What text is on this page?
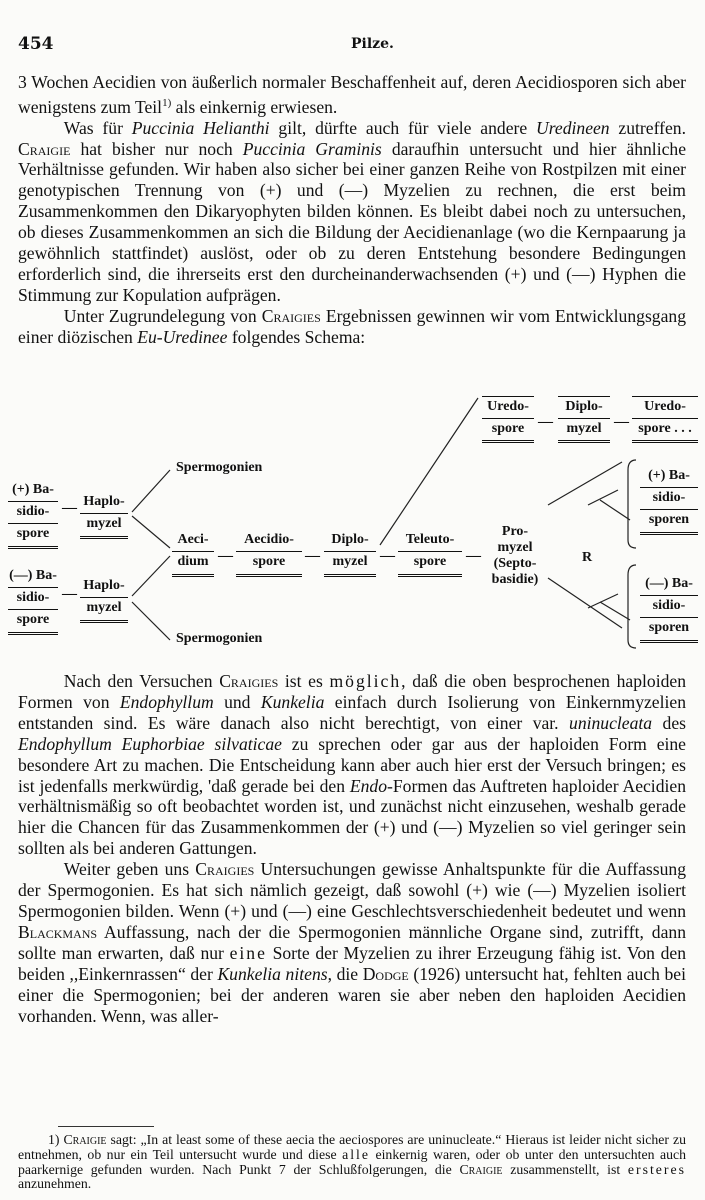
454	Pilze.

3 Wochen Aecidien von äußerlich normaler Beschaffenheit auf, deren Aecidiosporen sich aber wenigstens zum Teil$^{1)}$ als einkernig erwiesen.

Was für Puccinia Helianthi gilt, dürfte auch für viele andere Uredineen zutreffen. Craigie hat bisher nur noch Puccinia Graminis daraufhin untersucht und hier ähnliche Verhältnisse gefunden. Wir haben also sicher bei einer ganzen Reihe von Rostpilzen mit einer genotypischen Trennung von (+) und (—) Myzelien zu rechnen, die erst beim Zusammenkommen den Dikaryophyten bilden können. Es bleibt dabei noch zu untersuchen, ob dieses Zusammenkommen an sich die Bildung der Aecidienanlage (wo die Kernpaarung ja gewöhnlich stattfindet) auslöst, oder ob zu deren Entstehung besondere Bedingungen erforderlich sind, die ihrerseits erst den durcheinanderwachsenden (+) und (—) Hyphen die Stimmung zur Kopulation aufprägen.

Unter Zugrundelegung von Craigies Ergebnissen gewinnen wir vom Entwicklungsgang einer diözischen Eu-Uredinee folgendes Schema:

(+) Ba-
sidio-
spore
— Haplo-
myzel
(—) Ba-
sidio-
spore
—
Haplo-
myzel
Spermogonien
Spermogonien
Aeci-
dium —
Aecidio-
spore	—
Diplo-
myzel —
Teleuto-
spore	—
Pro-
myzel
(Septo-
basidie)
R
Uredo-
spore —
Diplo-
myzel —
Uredo-
spore . . .
(+) Ba-
sidio-
sporen
(—) Ba-
sidio-
sporen

Nach den Versuchen Craigies ist es möglich, daß die oben besprochenen haploiden Formen von Endophyllum und Kunkelia einfach durch Isolierung von Einkernmyzelien entstanden sind. Es wäre danach also nicht berechtigt, von einer var. uninucleata des Endophyllum Euphorbiae silvaticae zu sprechen oder gar aus der haploiden Form eine besondere Art zu machen. Die Entscheidung kann aber auch hier erst der Versuch bringen; es ist jedenfalls merkwürdig, 'daß gerade bei den Endo-Formen das Auftreten haploider Aecidien verhältnismäßig so oft beobachtet worden ist, und zunächst nicht einzusehen, weshalb gerade hier die Chancen für das Zusammenkommen der (+) und (—) Myzelien so viel geringer sein sollten als bei anderen Gattungen.

Weiter geben uns Craigies Untersuchungen gewisse Anhaltspunkte für die Auffassung der Spermogonien. Es hat sich nämlich gezeigt, daß sowohl (+) wie (—) Myzelien isoliert Spermogonien bilden. Wenn (+) und (—) eine Geschlechtsverschiedenheit bedeutet und wenn Blackmans Auffassung, nach der die Spermogonien männliche Organe sind, zutrifft, dann sollte man erwarten, daß nur eine Sorte der Myzelien zu ihrer Erzeugung fähig ist. Von den beiden ,,Einkernrassen“ der Kunkelia nitens, die Dodge (1926) untersucht hat, fehlten auch bei einer die Spermogonien; bei der anderen waren sie aber neben den haploiden Aecidien vorhanden. Wenn, was aller-

1) Craigie sagt: „In at least some of these aecia the aeciospores are uninucleate.“ Hieraus ist leider nicht sicher zu entnehmen, ob nur ein Teil untersucht wurde und diese alle einkernig waren, oder ob unter den untersuchten auch paarkernige gefunden wurden. Nach Punkt 7 der Schlußfolgerungen, die Craigie zusammenstellt, ist ersteres anzunehmen.
